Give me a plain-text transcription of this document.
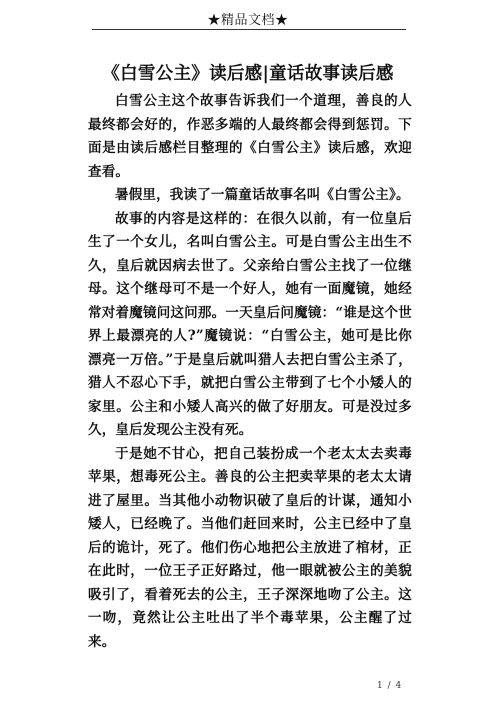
★精品文档★
《白雪公主》读后感|童话故事读后感

白雪公主这个故事告诉我们一个道理，善良的人最终都会好的，作恶多端的人最终都会得到惩罚。下面是由读后感栏目整理的《白雪公主》读后感，欢迎查看。

暑假里，我读了一篇童话故事名叫《白雪公主》。

故事的内容是这样的：在很久以前，有一位皇后生了一个女儿，名叫白雪公主。可是白雪公主出生不久，皇后就因病去世了。父亲给白雪公主找了一位继母。这个继母可不是一个好人，她有一面魔镜，她经常对着魔镜问这问那。一天皇后问魔镜：“谁是这个世界上最漂亮的人?”魔镜说：“白雪公主，她可是比你漂亮一万倍。”于是皇后就叫猎人去把白雪公主杀了，猎人不忍心下手，就把白雪公主带到了七个小矮人的家里。公主和小矮人高兴的做了好朋友。可是没过多久，皇后发现公主没有死。

于是她不甘心，把自己装扮成一个老太太去卖毒苹果，想毒死公主。善良的公主把卖苹果的老太太请进了屋里。当其他小动物识破了皇后的计谋，通知小矮人，已经晚了。当他们赶回来时，公主已经中了皇后的诡计，死了。他们伤心地把公主放进了棺材，正在此时，一位王子正好路过，他一眼就被公主的美貌吸引了，看着死去的公主，王子深深地吻了公主。这一吻，竟然让公主吐出了半个毒苹果，公主醒了过来。

1 / 4
